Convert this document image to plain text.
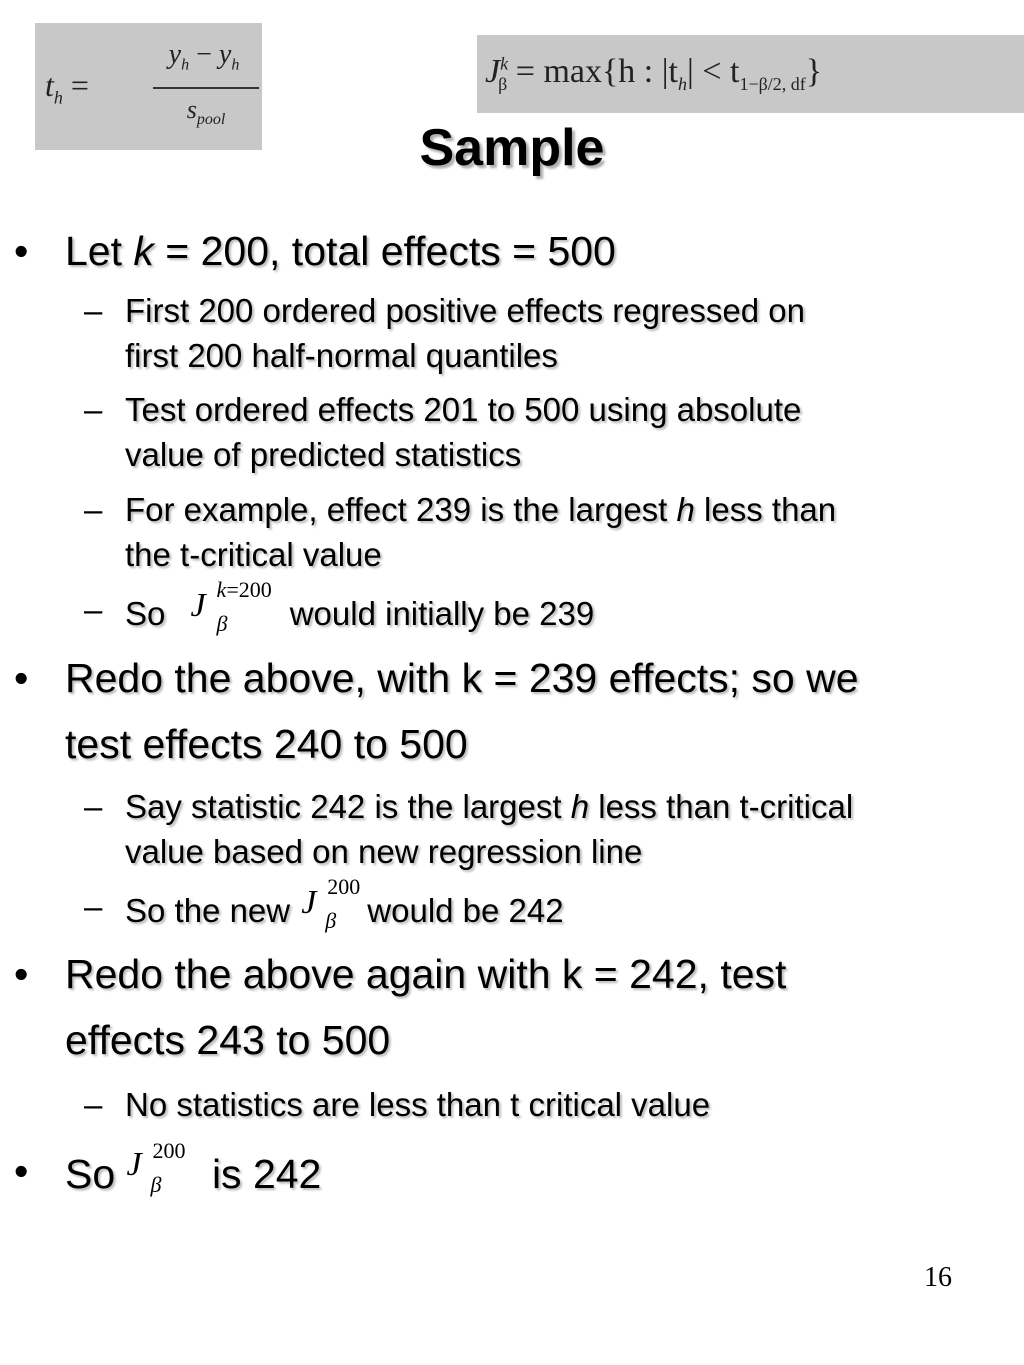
$t_h$ =
$y_h - y_h$
$s_{pool}$
$J^k_\beta = \max\{h$ : $|t_h| < t_{1-\beta/2, df}$}
Sample
• Let k = 200, total effects = 500
– First 200 ordered positive effects regressed on
first 200 half-normal quantiles
– Test ordered effects 201 to 500 using absolute
value of predicted statistics
– For example, effect 239 is the largest h less than
the t-critical value
– So J k=200
β would initially be 239
• Redo the above, with k = 239 effects; so we
test effects 240 to 500
– Say statistic 242 is the largest h less than t-critical
value based on new regression line
– So the new J 200
β would be 242
• Redo the above again with k = 242, test
effects 243 to 500
– No statistics are less than t critical value
• So J 200
β is 242
16
